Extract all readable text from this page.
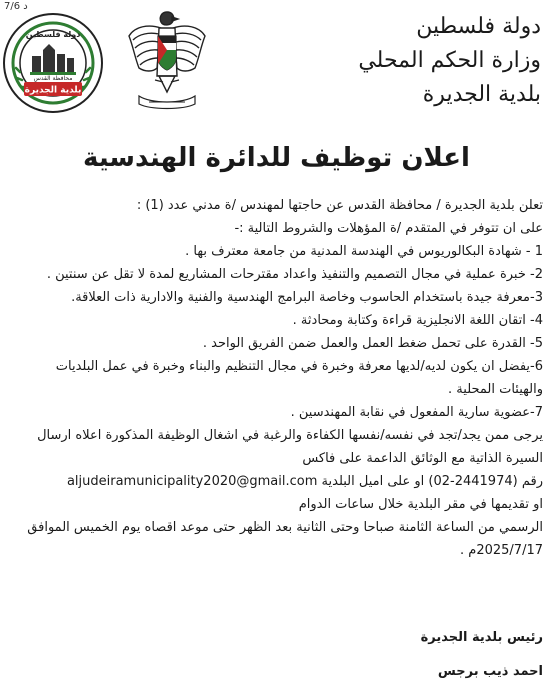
7/6 د
دولة فلسطين
وزارة الحكم المحلي
بلدية الجديرة
بلدية الجديرة
محافظة القدس
دولة فلسطين
اعلان توظيف للدائرة الهندسية
تعلن بلدية الجديرة / محافظة القدس عن حاجتها لمهندس /ة مدني عدد (1) :
على ان تتوفر في المتقدم /ة المؤهلات والشروط التالية :-
1 - شهادة البكالوريوس في الهندسة المدنية من جامعة معترف بها .
2- خبرة عملية في مجال التصميم والتنفيذ واعداد مقترحات المشاريع لمدة لا تقل عن سنتين .
3-معرفة جيدة باستخدام الحاسوب وخاصة البرامج الهندسية والفنية والادارية ذات العلاقة.
4- اتقان اللغة الانجليزية قراءة وكتابة ومحادثة .
5- القدرة على تحمل ضغط العمل والعمل ضمن الفريق الواحد .
6-يفضل ان يكون لديه/لديها معرفة وخبرة في مجال التنظيم والبناء وخبرة في عمل البلديات والهيئات المحلية .
7-عضوية سارية المفعول في نقابة المهندسين .
يرجى ممن يجد/تجد في نفسه/نفسها الكفاءة والرغبة في اشغال الوظيفة المذكورة اعلاه ارسال السيرة الذاتية مع الوثائق الداعمة على فاكس
رقم (02-2441974) او على اميل البلدية aljudeiramunicipality2020@gmail.com
او تقديمها في مقر البلدية خلال ساعات الدوام
الرسمي من الساعة الثامنة صباحا وحتى الثانية بعد الظهر حتى موعد اقصاه يوم الخميس الموافق 2025/7/17م .
رئيس بلدية الجديرة
احمد ذيب برجس
